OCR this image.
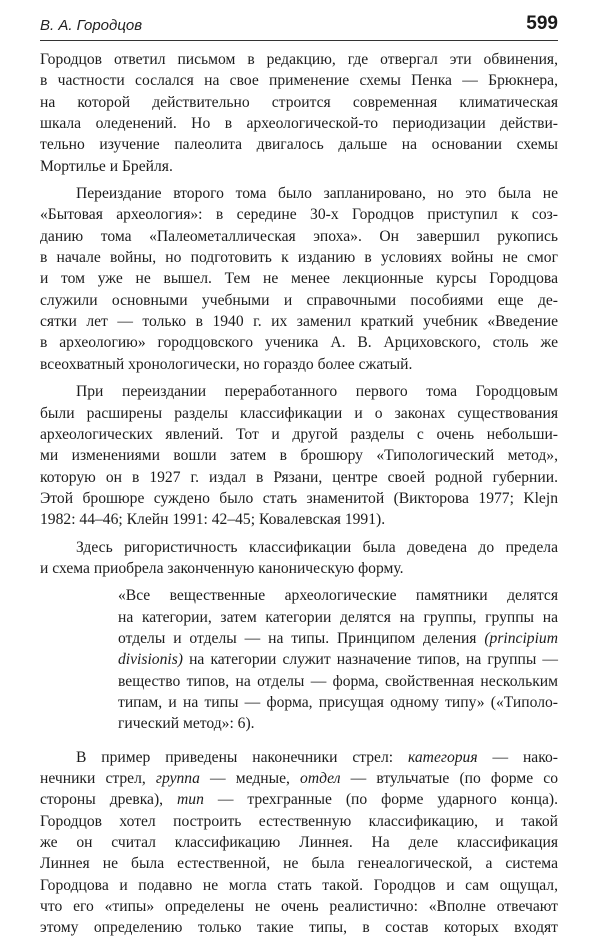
В. А. Городцов	599

Городцов ответил письмом в редакцию, где отвергал эти обвинения,
в частности сослался на свое применение схемы Пенка — Брюкнера,
на которой действительно строится современная климатическая
шкала оледенений. Но в археологической-то периодизации действи-
тельно изучение палеолита двигалось дальше на основании схемы
Мортилье и Брейля.

Переиздание второго тома было запланировано, но это была не
«Бытовая археология»: в середине 30-х Городцов приступил к соз-
данию тома «Палеометаллическая эпоха». Он завершил рукопись
в начале войны, но подготовить к изданию в условиях войны не смог
и том уже не вышел. Тем не менее лекционные курсы Городцова
служили основными учебными и справочными пособиями еще де-
сятки лет — только в 1940 г. их заменил краткий учебник «Введение
в археологию» городцовского ученика А. В. Арциховского, столь же
всеохватный хронологически, но гораздо более сжатый.

При переиздании переработанного первого тома Городцовым
были расширены разделы классификации и о законах существования
археологических явлений. Тот и другой разделы с очень небольши-
ми изменениями вошли затем в брошюру «Типологический метод»,
которую он в 1927 г. издал в Рязани, центре своей родной губернии.
Этой брошюре суждено было стать знаменитой (Викторова 1977; Klejn
1982: 44–46; Клейн 1991: 42–45; Ковалевская 1991).

Здесь ригористичность классификации была доведена до предела
и схема приобрела законченную каноническую форму.

«Все вещественные археологические памятники делятся
на категории, затем категории делятся на группы, группы на
отделы и отделы — на типы. Принципом деления (principium
divisionis) на категории служит назначение типов, на группы —
вещество типов, на отделы — форма, свойственная нескольким
типам, и на типы — форма, присущая одному типу» («Типоло-
гический метод»: 6).

В пример приведены наконечники стрел: категория — нако-
нечники стрел, группа — медные, отдел — втульчатые (по форме со
стороны древка), тип — трехгранные (по форме ударного конца).
Городцов хотел построить естественную классификацию, и такой
же он считал классификацию Линнея. На деле классификация
Линнея не была естественной, не была генеалогической, а система
Городцова и подавно не могла стать такой. Городцов и сам ощущал,
что его «типы» определены не очень реалистично: «Вполне отвечают
этому определению только такие типы, в состав которых входят
